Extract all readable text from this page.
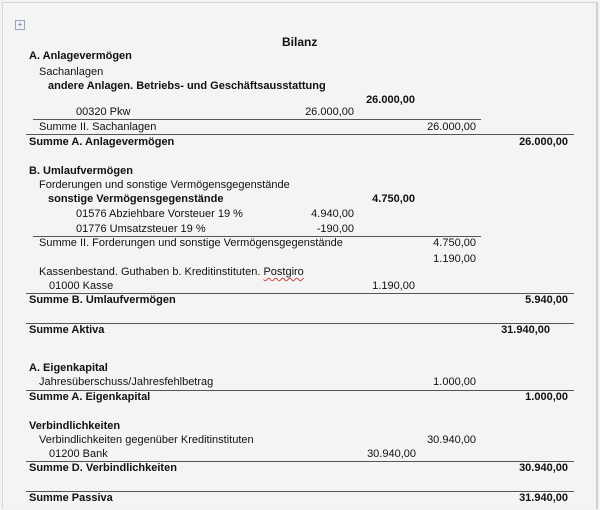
+
Bilanz
A. Anlagevermögen
Sachanlagen
andere Anlagen. Betriebs- und Geschäftsausstattung
26.000,00
00320 Pkw	26.000,00
Summe II. Sachanlagen	26.000,00
Summe A. Anlagevermögen	26.000,00
B. Umlaufvermögen
Forderungen und sonstige Vermögensgegenstände
sonstige Vermögensgegenstände	4.750,00
01576 Abziehbare Vorsteuer 19 %	4.940,00
01776 Umsatzsteuer 19 %	-190,00
Summe II. Forderungen und sonstige Vermögensgegenstände	4.750,00
1.190,00
Kassenbestand. Guthaben b. Kreditinstituten. Postgiro
01000 Kasse	1.190,00
Summe B. Umlaufvermögen	5.940,00
Summe Aktiva	31.940,00
A. Eigenkapital
Jahresüberschuss/Jahresfehlbetrag	1.000,00
Summe A. Eigenkapital	1.000,00
Verbindlichkeiten
Verbindlichkeiten gegenüber Kreditinstituten	30.940,00
01200 Bank	30.940,00
Summe D. Verbindlichkeiten	30.940,00
Summe Passiva	31.940,00
